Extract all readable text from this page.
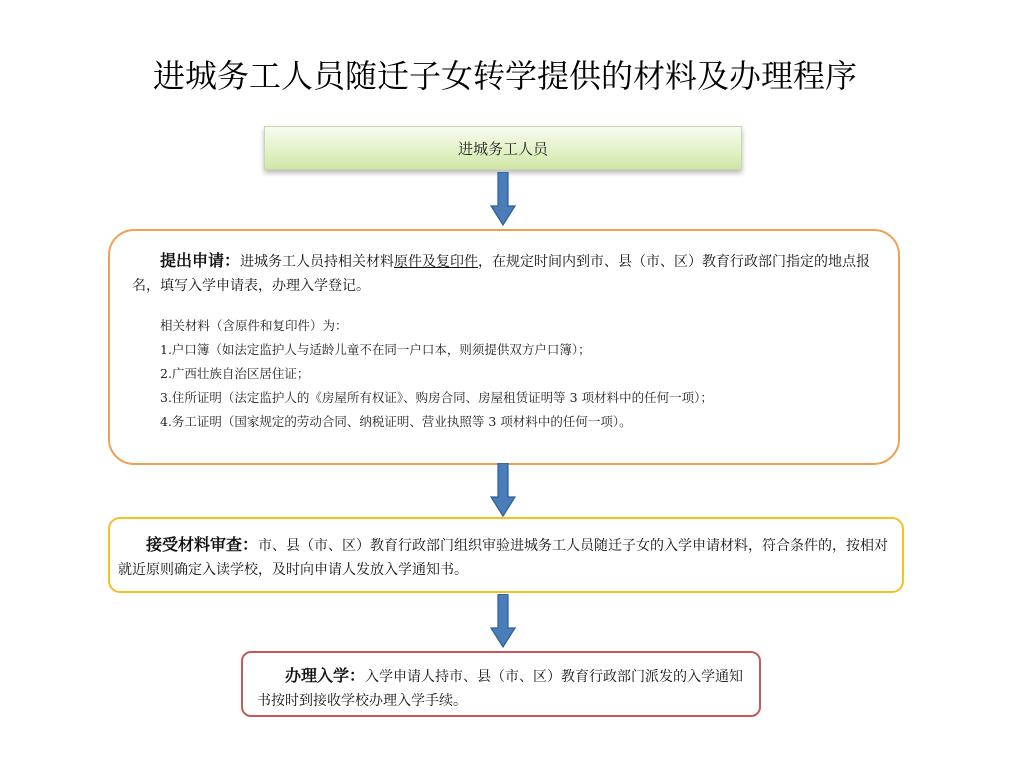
进城务工人员随迁子女转学提供的材料及办理程序
进城务工人员
提出申请：进城务工人员持相关材料原件及复印件，在规定时间内到市、县（市、区）教育行政部门指定的地点报名，填写入学申请表，办理入学登记。
相关材料（含原件和复印件）为：
1.户口簿（如法定监护人与适龄儿童不在同一户口本，则须提供双方户口簿）；
2.广西壮族自治区居住证；
3.住所证明（法定监护人的《房屋所有权证》、购房合同、房屋租赁证明等 3 项材料中的任何一项）；
4.务工证明（国家规定的劳动合同、纳税证明、营业执照等 3 项材料中的任何一项）。
接受材料审查：市、县（市、区）教育行政部门组织审验进城务工人员随迁子女的入学申请材料，符合条件的，按相对就近原则确定入读学校，及时向申请人发放入学通知书。
办理入学：入学申请人持市、县（市、区）教育行政部门派发的入学通知书按时到接收学校办理入学手续。
